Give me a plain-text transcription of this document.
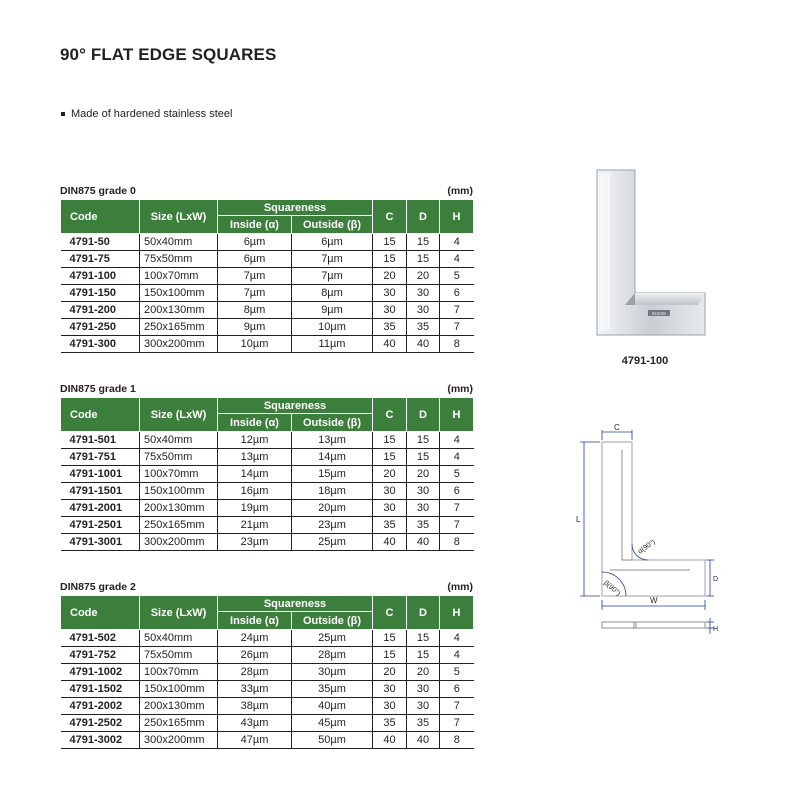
90° FLAT EDGE SQUARES
Made of hardened stainless steel
DIN875 grade 0	(mm)
Code	Size (LxW)	Squareness		C	D	H
		Inside (α)	Outside (β)			
4791-50	50x40mm	6µm	6µm	15	15	4
4791-75	75x50mm	6µm	7µm	15	15	4
4791-100	100x70mm	7µm	7µm	20	20	5
4791-150	150x100mm	7µm	8µm	30	30	6
4791-200	200x130mm	8µm	9µm	30	30	7
4791-250	250x165mm	9µm	10µm	35	35	7
4791-300	300x200mm	10µm	11µm	40	40	8
DIN875 grade 1	(mm)
Code	Size (LxW)	Squareness		C	D	H
		Inside (α)	Outside (β)			
4791-501	50x40mm	12µm	13µm	15	15	4
4791-751	75x50mm	13µm	14µm	15	15	4
4791-1001	100x70mm	14µm	15µm	20	20	5
4791-1501	150x100mm	16µm	18µm	30	30	6
4791-2001	200x130mm	19µm	20µm	30	30	7
4791-2501	250x165mm	21µm	23µm	35	35	7
4791-3001	300x200mm	23µm	25µm	40	40	8
DIN875 grade 2	(mm)
Code	Size (LxW)	Squareness		C	D	H
		Inside (α)	Outside (β)			
4791-502	50x40mm	24µm	25µm	15	15	4
4791-752	75x50mm	26µm	28µm	15	15	4
4791-1002	100x70mm	28µm	30µm	20	20	5
4791-1502	150x100mm	33µm	35µm	30	30	6
4791-2002	200x130mm	38µm	40µm	30	30	7
4791-2502	250x165mm	43µm	45µm	35	35	7
4791-3002	300x200mm	47µm	50µm	40	40	8
INSIZE
4791-100
C
L
D
W
H
α(90°)
β(90°)
